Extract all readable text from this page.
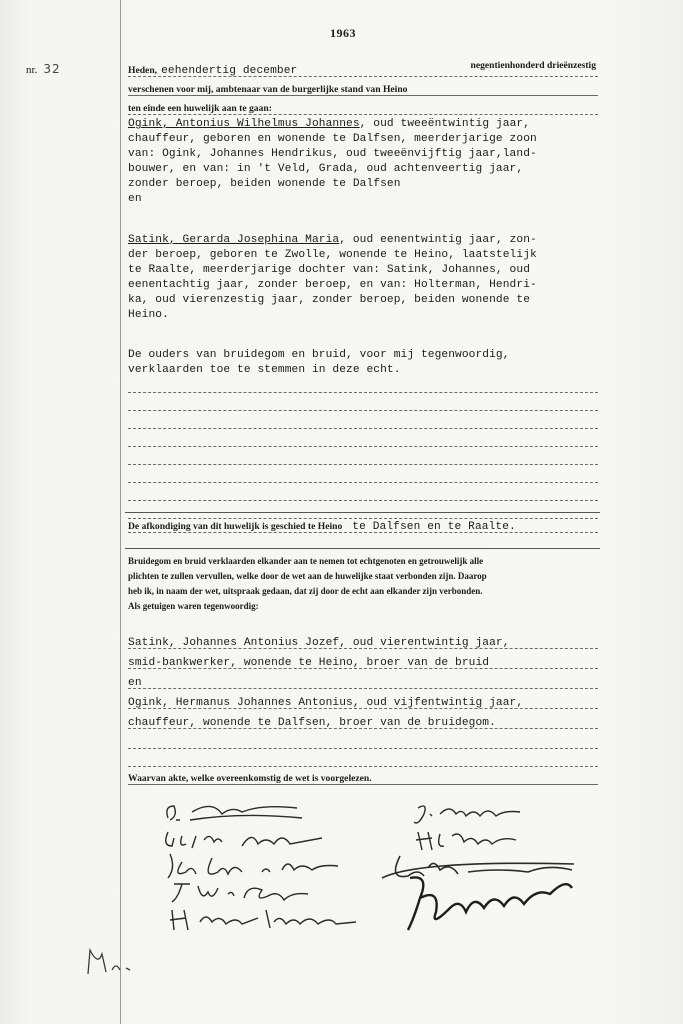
1963
nr. 32	Heden, eehendertig december	negentienhonderd drieënzestig
verschenen voor mij, ambtenaar van de burgerlijke stand van Heino
ten einde een huwelijk aan te gaan:
Ogink, Antonius Wilhelmus Johannes, oud tweeëntwintig jaar,
chauffeur, geboren en wonende te Dalfsen, meerderjarige zoon
van: Ogink, Johannes Hendrikus, oud tweeënvijftig jaar,land-
bouwer, en van: in 't Veld, Grada, oud achtenveertig jaar,
zonder beroep, beiden wonende te Dalfsen
en
Satink, Gerarda Josephina Maria, oud eenentwintig jaar, zon-
der beroep, geboren te Zwolle, wonende te Heino, laatstelijk
te Raalte, meerderjarige dochter van: Satink, Johannes, oud
eenentachtig jaar, zonder beroep, en van: Holterman, Hendri-
ka, oud vierenzestig jaar, zonder beroep, beiden wonende te
Heino.
De ouders van bruidegom en bruid, voor mij tegenwoordig,
verklaarden toe te stemmen in deze echt.
De afkondiging van dit huwelijk is geschied te Heino te Dalfsen en te Raalte.
Bruidegom en bruid verklaarden elkander aan te nemen tot echtgenoten en getrouwelijk alle
plichten te zullen vervullen, welke door de wet aan de huwelijke staat verbonden zijn. Daarop
heb ik, in naam der wet, uitspraak gedaan, dat zij door de echt aan elkander zijn verbonden.
Als getuigen waren tegenwoordig:
Satink, Johannes Antonius Jozef, oud vierentwintig jaar,
smid-bankwerker, wonende te Heino, broer van de bruid
en
Ogink, Hermanus Johannes Antonius, oud vijfentwintig jaar,
chauffeur, wonende te Dalfsen, broer van de bruidegom.
Waarvan akte, welke overeenkomstig de wet is voorgelezen.
